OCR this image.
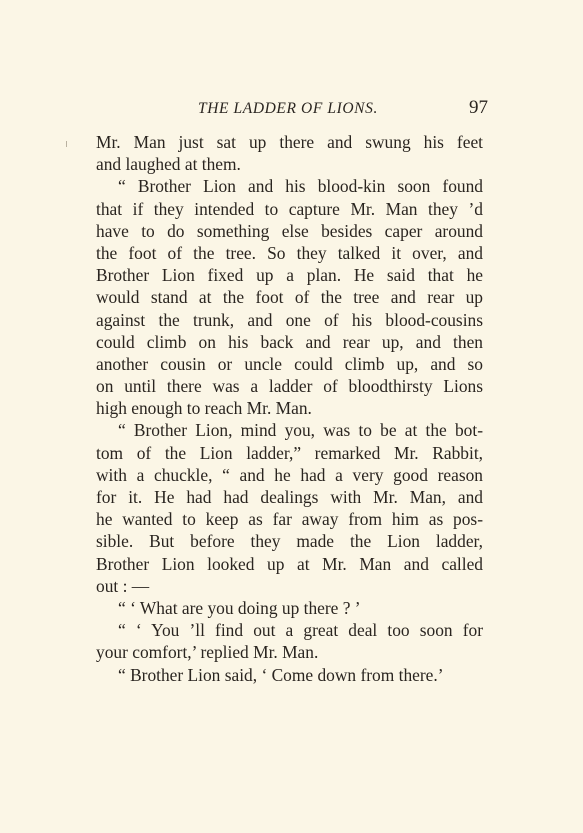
THE LADDER OF LIONS.	97
Mr. Man just sat up there and swung his feet
and laughed at them.
“ Brother Lion and his blood-kin soon found
that if they intended to capture Mr. Man they ’d
have to do something else besides caper around
the foot of the tree. So they talked it over, and
Brother Lion fixed up a plan. He said that he
would stand at the foot of the tree and rear up
against the trunk, and one of his blood-cousins
could climb on his back and rear up, and then
another cousin or uncle could climb up, and so
on until there was a ladder of bloodthirsty Lions
high enough to reach Mr. Man.
“ Brother Lion, mind you, was to be at the bot-
tom of the Lion ladder,” remarked Mr. Rabbit,
with a chuckle, “ and he had a very good reason
for it. He had had dealings with Mr. Man, and
he wanted to keep as far away from him as pos-
sible. But before they made the Lion ladder,
Brother Lion looked up at Mr. Man and called
out : —
“ ‘ What are you doing up there ? ’
“ ‘ You ’ll find out a great deal too soon for
your comfort,’ replied Mr. Man.
“ Brother Lion said, ‘ Come down from there.’
